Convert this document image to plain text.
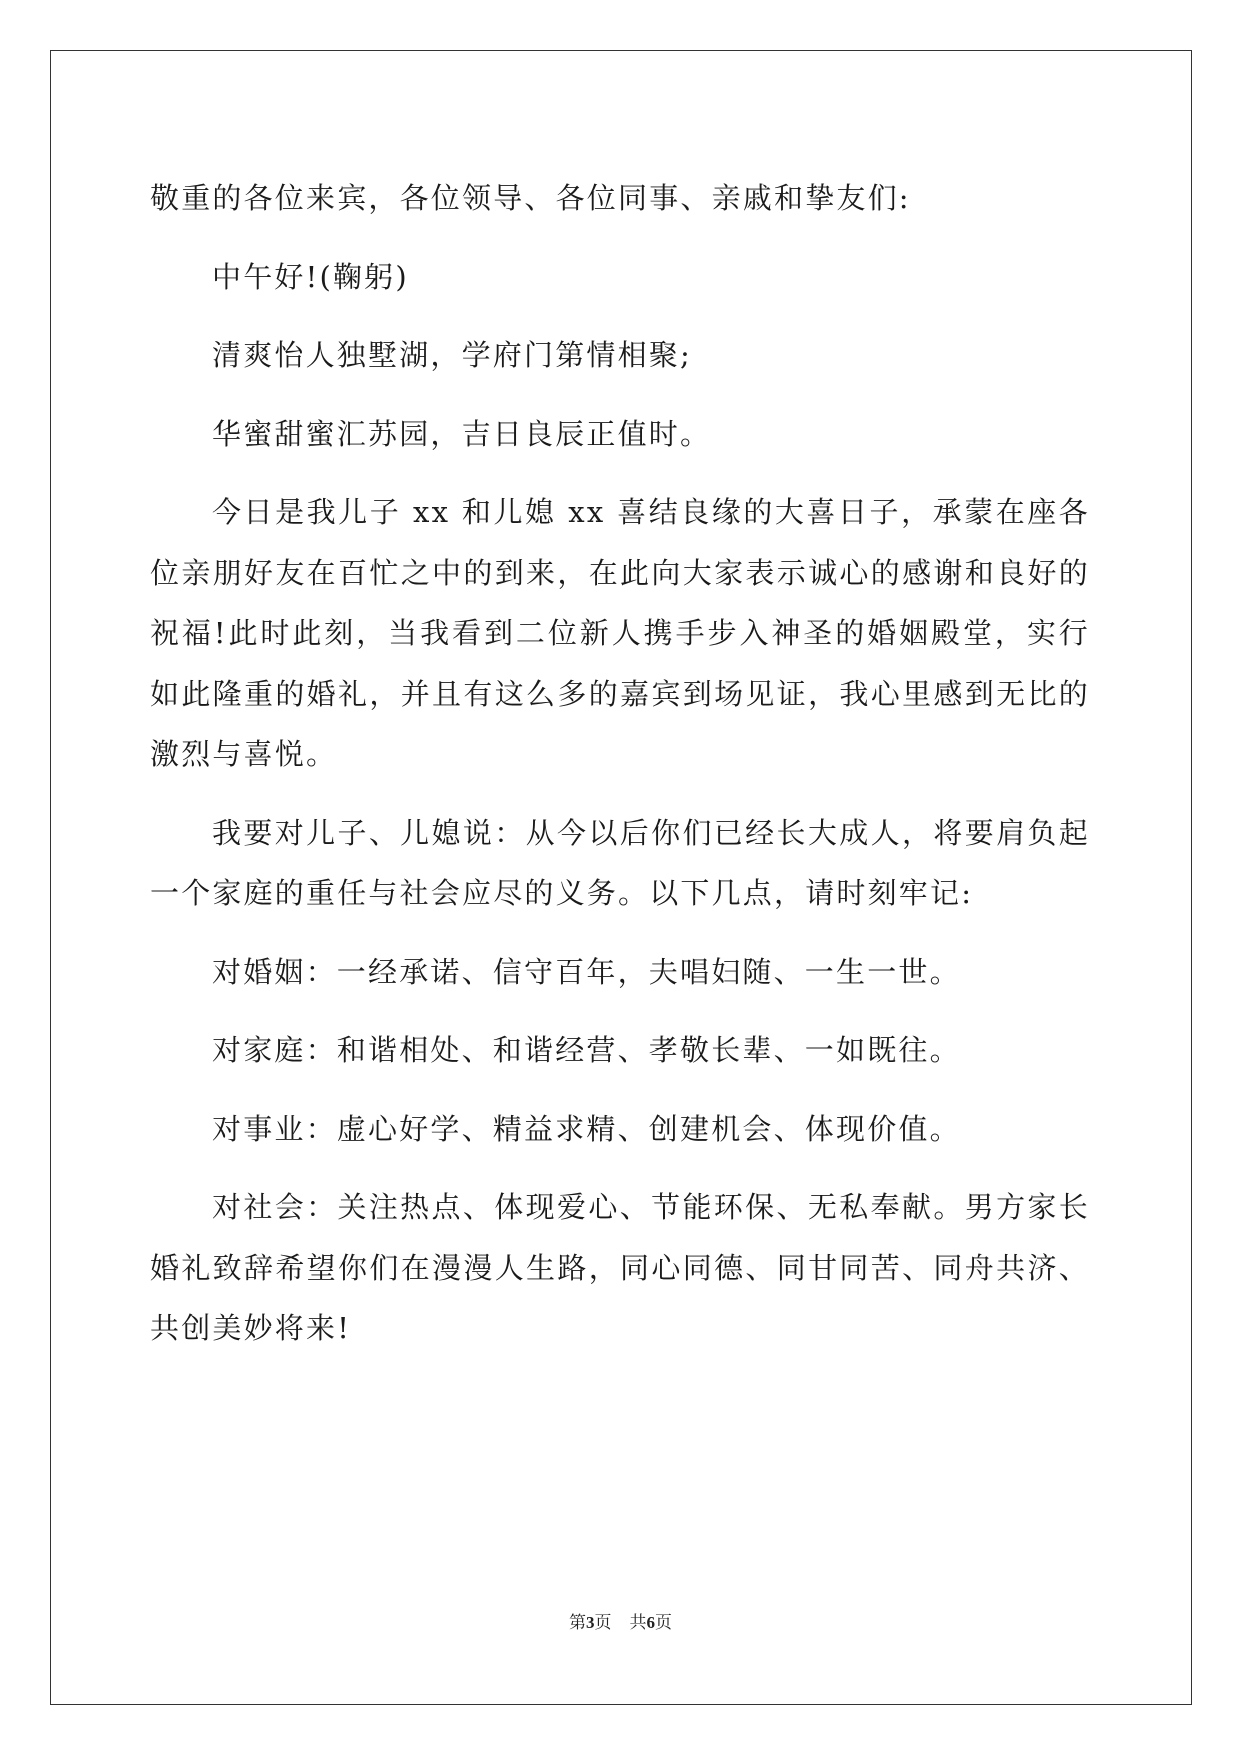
敬重的各位来宾，各位领导、各位同事、亲戚和挚友们:

中午好!(鞠躬)

清爽怡人独墅湖，学府门第情相聚;

华蜜甜蜜汇苏园，吉日良辰正值时。

今日是我儿子 xx 和儿媳 xx 喜结良缘的大喜日子，承蒙在座各位亲朋好友在百忙之中的到来，在此向大家表示诚心的感谢和良好的祝福!此时此刻，当我看到二位新人携手步入神圣的婚姻殿堂，实行如此隆重的婚礼，并且有这么多的嘉宾到场见证，我心里感到无比的激烈与喜悦。

我要对儿子、儿媳说：从今以后你们已经长大成人，将要肩负起一个家庭的重任与社会应尽的义务。以下几点，请时刻牢记:

对婚姻：一经承诺、信守百年，夫唱妇随、一生一世。

对家庭：和谐相处、和谐经营、孝敬长辈、一如既往。

对事业：虚心好学、精益求精、创建机会、体现价值。

对社会：关注热点、体现爱心、节能环保、无私奉献。男方家长婚礼致辞希望你们在漫漫人生路，同心同德、同甘同苦、同舟共济、共创美妙将来!

第3页 共6页
